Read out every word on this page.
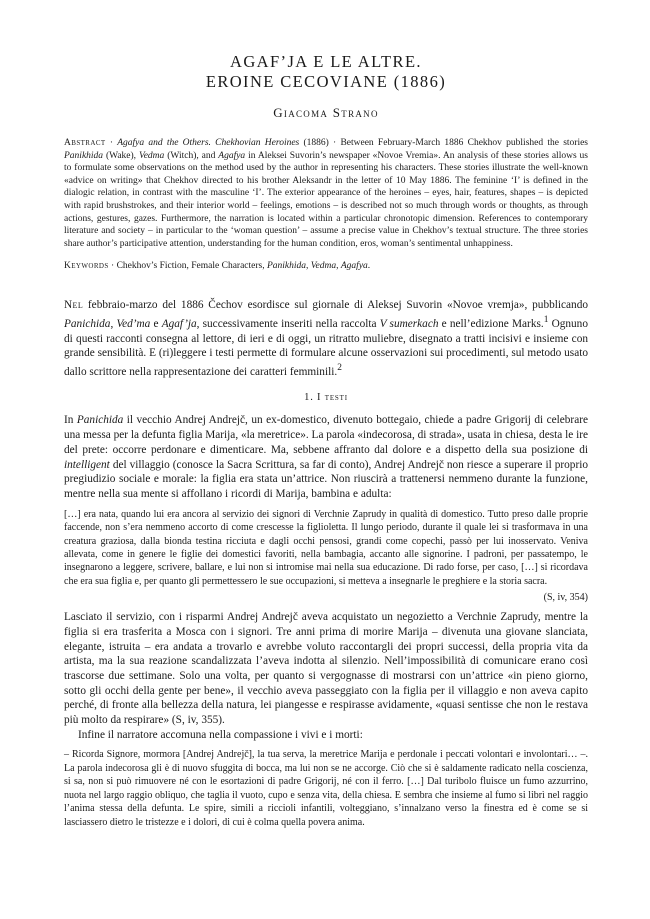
AGAF’JA E LE ALTRE.
EROINE CECOVIANE (1886)
Giacoma Strano

Abstract · Agafya and the Others. Chekhovian Heroines (1886) · Between February-March 1886 Chekhov published the stories Panikhida (Wake), Vedma (Witch), and Agafya in Aleksei Suvorin’s newspaper «Novoe Vremia». An analysis of these stories allows us to formulate some observations on the method used by the author in representing his characters. These stories illustrate the well-known «advice on writing» that Chekhov directed to his brother Aleksandr in the letter of 10 May 1886. The feminine ‘I’ is defined in the dialogic relation, in contrast with the masculine ‘I’. The exterior appearance of the heroines – eyes, hair, features, shapes – is depicted with rapid brushstrokes, and their interior world – feelings, emotions – is described not so much through words or thoughts, as through actions, gestures, gazes. Furthermore, the narration is located within a particular chronotopic dimension. References to contemporary literature and society – in particular to the ‘woman question’ – assume a precise value in Chekhov’s textual structure. The three stories share author’s participative attention, understanding for the human condition, eros, woman’s sentimental unhappiness.

Keywords · Chekhov’s Fiction, Female Characters, Panikhida, Vedma, Agafya.

Nel febbraio-marzo del 1886 Čechov esordisce sul giornale di Aleksej Suvorin «Novoe vremja», pubblicando Panichida, Ved’ma e Agaf’ja, successivamente inseriti nella raccolta V sumerkach e nell’edizione Marks.$^1$ Ognuno di questi racconti consegna al lettore, di ieri e di oggi, un ritratto muliebre, disegnato a tratti incisivi e insieme con grande sensibilità. E (ri)leggere i testi permette di formulare alcune osservazioni sui procedimenti, sul metodo usato dallo scrittore nella rappresentazione dei caratteri femminili.$^2$

1. I testi

In Panichida il vecchio Andrej Andrejč, un ex-domestico, divenuto bottegaio, chiede a padre Grigorij di celebrare una messa per la defunta figlia Marija, «la meretrice». La parola «indecorosa, di strada», usata in chiesa, desta le ire del prete: occorre perdonare e dimenticare. Ma, sebbene affranto dal dolore e a dispetto della sua posizione di intelligent del villaggio (conosce la Sacra Scrittura, sa far di conto), Andrej Andrejč non riesce a superare il proprio pregiudizio sociale e morale: la figlia era stata un’attrice. Non riuscirà a trattenersi nemmeno durante la funzione, mentre nella sua mente si affollano i ricordi di Marija, bambina e adulta:

[…] era nata, quando lui era ancora al servizio dei signori di Verchnie Zaprudy in qualità di domestico. Tutto preso dalle proprie faccende, non s’era nemmeno accorto di come crescesse la figlioletta. Il lungo periodo, durante il quale lei si trasformava in una creatura graziosa, dalla bionda testina ricciuta e dagli occhi pensosi, grandi come copechi, passò per lui inosservato. Veniva allevata, come in genere le figlie dei domestici favoriti, nella bambagia, accanto alle signorine. I padroni, per passatempo, le insegnarono a leggere, scrivere, ballare, e lui non si intromise mai nella sua educazione. Di rado forse, per caso, […] si ricordava che era sua figlia e, per quanto gli permettessero le sue occupazioni, si metteva a insegnarle le preghiere e la storia sacra.

(S, iv, 354)

Lasciato il servizio, con i risparmi Andrej Andrejč aveva acquistato un negozietto a Verchnie Zaprudy, mentre la figlia si era trasferita a Mosca con i signori. Tre anni prima di morire Marija – divenuta una giovane slanciata, elegante, istruita – era andata a trovarlo e avrebbe voluto raccontargli dei propri successi, della propria vita da artista, ma la sua reazione scandalizzata l’aveva indotta al silenzio. Nell’impossibilità di comunicare erano così trascorse due settimane. Solo una volta, per quanto si vergognasse di mostrarsi con un’attrice «in pieno giorno, sotto gli occhi della gente per bene», il vecchio aveva passeggiato con la figlia per il villaggio e non aveva capito perché, di fronte alla bellezza della natura, lei piangesse e respirasse avidamente, «quasi sentisse che non le restava più molto da respirare» (S, iv, 355).

Infine il narratore accomuna nella compassione i vivi e i morti:

– Ricorda Signore, mormora [Andrej Andrejč], la tua serva, la meretrice Marija e perdonale i peccati volontari e involontari… –. La parola indecorosa gli è di nuovo sfuggita di bocca, ma lui non se ne accorge. Ciò che si è saldamente radicato nella coscienza, si sa, non si può rimuovere né con le esortazioni di padre Grigorij, né con il ferro. […] Dal turibolo fluisce un fumo azzurrino, nuota nel largo raggio obliquo, che taglia il vuoto, cupo e senza vita, della chiesa. E sembra che insieme al fumo si librì nel raggio l’anima stessa della defunta. Le spire, simili a riccioli infantili, volteggiano, s’innalzano verso la finestra ed è come se si lasciassero dietro le tristezze e i dolori, di cui è colma quella povera anima.
